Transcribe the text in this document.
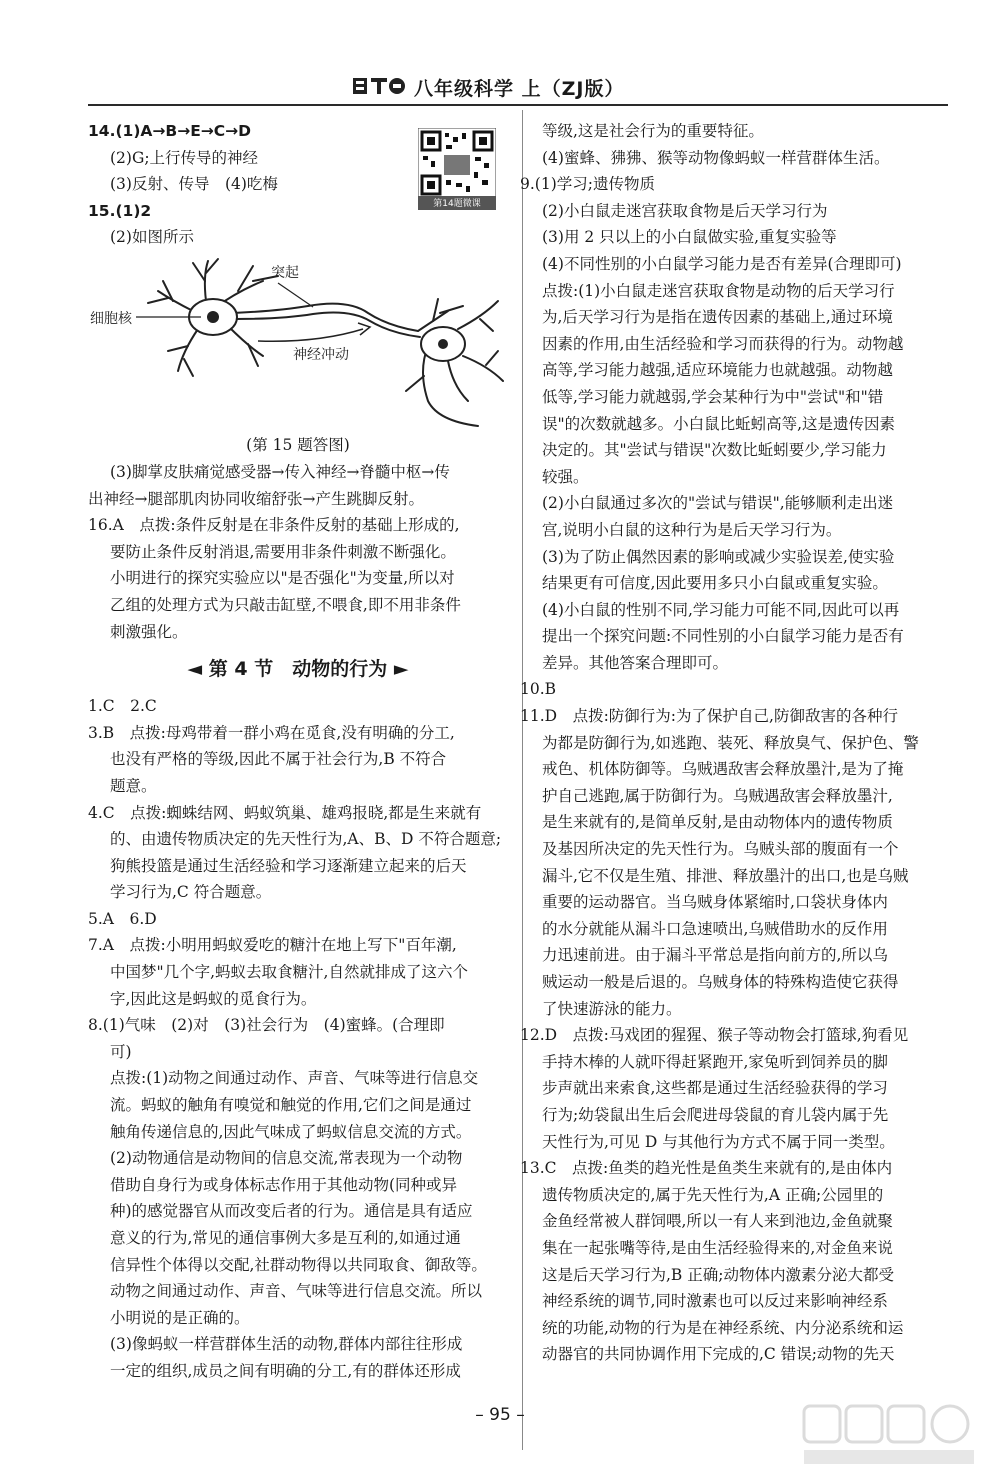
八年级科学 上（ZJ版）
第14题微课
14.(1)A→B→E→C→D
(2)G;上行传导的神经
(3)反射、传导　(4)吃梅
15.(1)2
(2)如图所示
细胞核
突起
神经冲动
(第 15 题答图)
(3)脚掌皮肤痛觉感受器→传入神经→脊髓中枢→传
出神经→腿部肌肉协同收缩舒张→产生跳脚反射。
16.A　点拨:条件反射是在非条件反射的基础上形成的,
要防止条件反射消退,需要用非条件刺激不断强化。
小明进行的探究实验应以"是否强化"为变量,所以对
乙组的处理方式为只敲击缸壁,不喂食,即不用非条件
刺激强化。
◄ 第 4 节　动物的行为 ►
1.C　2.C
3.B　点拨:母鸡带着一群小鸡在觅食,没有明确的分工,
也没有严格的等级,因此不属于社会行为,B 不符合
题意。
4.C　点拨:蜘蛛结网、蚂蚁筑巢、雄鸡报晓,都是生来就有
的、由遗传物质决定的先天性行为,A、B、D 不符合题意;
狗熊投篮是通过生活经验和学习逐渐建立起来的后天
学习行为,C 符合题意。
5.A　6.D
7.A　点拨:小明用蚂蚁爱吃的糖汁在地上写下"百年潮,
中国梦"几个字,蚂蚁去取食糖汁,自然就排成了这六个
字,因此这是蚂蚁的觅食行为。
8.(1)气味　(2)对　(3)社会行为　(4)蜜蜂。(合理即
可)
点拨:(1)动物之间通过动作、声音、气味等进行信息交
流。蚂蚁的触角有嗅觉和触觉的作用,它们之间是通过
触角传递信息的,因此气味成了蚂蚁信息交流的方式。
(2)动物通信是动物间的信息交流,常表现为一个动物
借助自身行为或身体标志作用于其他动物(同种或异
种)的感觉器官从而改变后者的行为。通信是具有适应
意义的行为,常见的通信事例大多是互利的,如通过通
信异性个体得以交配,社群动物得以共同取食、御敌等。
动物之间通过动作、声音、气味等进行信息交流。所以
小明说的是正确的。
(3)像蚂蚁一样营群体生活的动物,群体内部往往形成
一定的组织,成员之间有明确的分工,有的群体还形成
等级,这是社会行为的重要特征。
(4)蜜蜂、狒狒、猴等动物像蚂蚁一样营群体生活。
9.(1)学习;遗传物质
(2)小白鼠走迷宫获取食物是后天学习行为
(3)用 2 只以上的小白鼠做实验,重复实验等
(4)不同性别的小白鼠学习能力是否有差异(合理即可)
点拨:(1)小白鼠走迷宫获取食物是动物的后天学习行
为,后天学习行为是指在遗传因素的基础上,通过环境
因素的作用,由生活经验和学习而获得的行为。动物越
高等,学习能力越强,适应环境能力也就越强。动物越
低等,学习能力就越弱,学会某种行为中"尝试"和"错
误"的次数就越多。小白鼠比蚯蚓高等,这是遗传因素
决定的。其"尝试与错误"次数比蚯蚓要少,学习能力
较强。
(2)小白鼠通过多次的"尝试与错误",能够顺利走出迷
宫,说明小白鼠的这种行为是后天学习行为。
(3)为了防止偶然因素的影响或减少实验误差,使实验
结果更有可信度,因此要用多只小白鼠或重复实验。
(4)小白鼠的性别不同,学习能力可能不同,因此可以再
提出一个探究问题:不同性别的小白鼠学习能力是否有
差异。其他答案合理即可。
10.B
11.D　点拨:防御行为:为了保护自己,防御敌害的各种行
为都是防御行为,如逃跑、装死、释放臭气、保护色、警
戒色、机体防御等。乌贼遇敌害会释放墨汁,是为了掩
护自己逃跑,属于防御行为。乌贼遇敌害会释放墨汁,
是生来就有的,是简单反射,是由动物体内的遗传物质
及基因所决定的先天性行为。乌贼头部的腹面有一个
漏斗,它不仅是生殖、排泄、释放墨汁的出口,也是乌贼
重要的运动器官。当乌贼身体紧缩时,口袋状身体内
的水分就能从漏斗口急速喷出,乌贼借助水的反作用
力迅速前进。由于漏斗平常总是指向前方的,所以乌
贼运动一般是后退的。乌贼身体的特殊构造使它获得
了快速游泳的能力。
12.D　点拨:马戏团的猩猩、猴子等动物会打篮球,狗看见
手持木棒的人就吓得赶紧跑开,家兔听到饲养员的脚
步声就出来索食,这些都是通过生活经验获得的学习
行为;幼袋鼠出生后会爬进母袋鼠的育儿袋内属于先
天性行为,可见 D 与其他行为方式不属于同一类型。
13.C　点拨:鱼类的趋光性是鱼类生来就有的,是由体内
遗传物质决定的,属于先天性行为,A 正确;公园里的
金鱼经常被人群饲喂,所以一有人来到池边,金鱼就聚
集在一起张嘴等待,是由生活经验得来的,对金鱼来说
这是后天学习行为,B 正确;动物体内激素分泌大都受
神经系统的调节,同时激素也可以反过来影响神经系
统的功能,动物的行为是在神经系统、内分泌系统和运
动器官的共同协调作用下完成的,C 错误;动物的先天
– 95 –
